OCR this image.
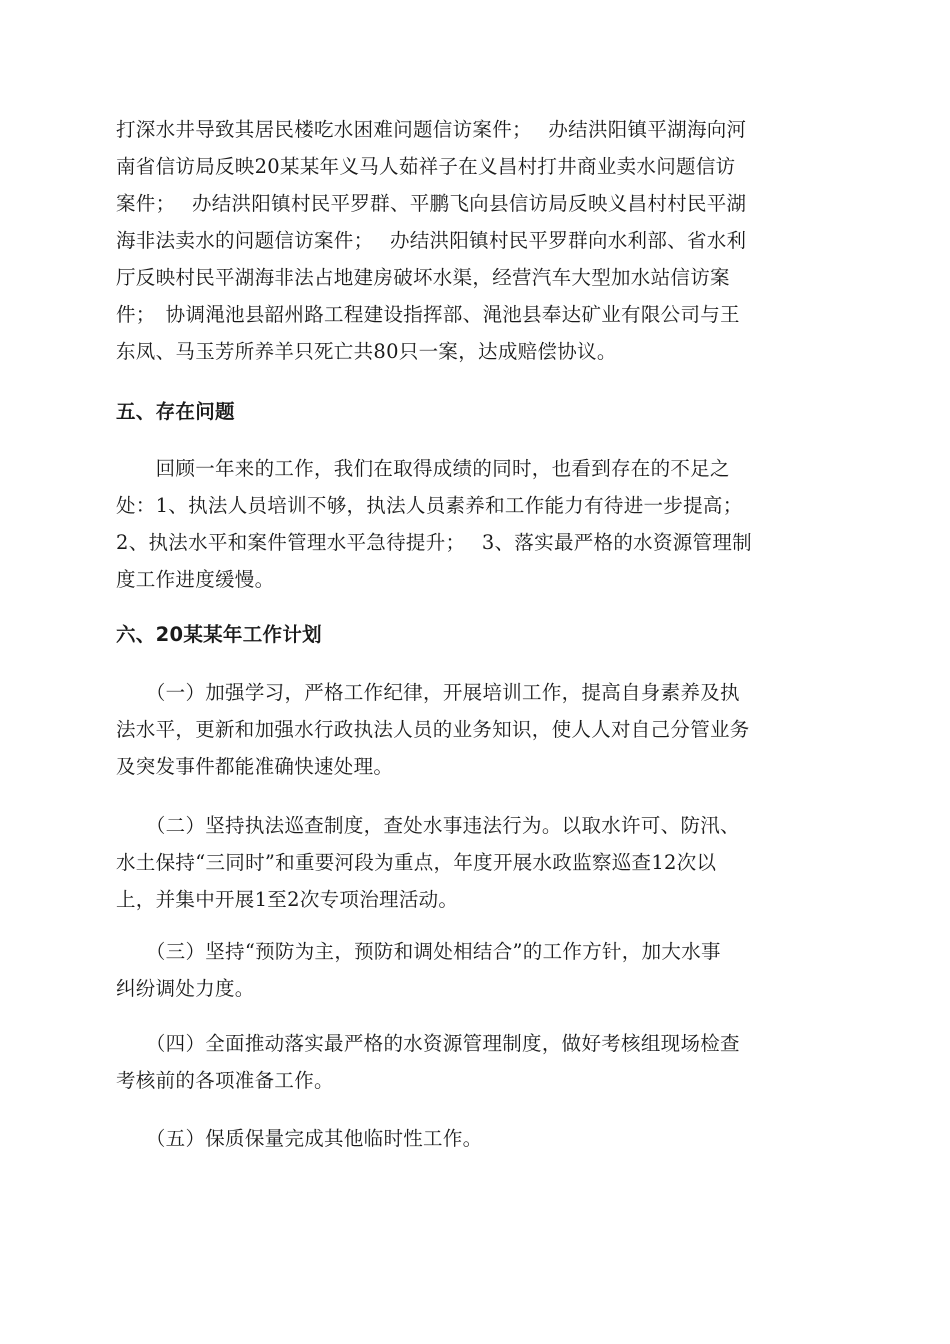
打深水井导致其居民楼吃水困难问题信访案件；　 办结洪阳镇平湖海向河
南省信访局反映20某某年义马人茹祥子在义昌村打井商业卖水问题信访
案件；　 办结洪阳镇村民平罗群、平鹏飞向县信访局反映义昌村村民平湖
海非法卖水的问题信访案件；　 办结洪阳镇村民平罗群向水利部、省水利
厅反映村民平湖海非法占地建房破坏水渠，经营汽车大型加水站信访案
件；　协调渑池县韶州路工程建设指挥部、渑池县奉达矿业有限公司与王
东凤、马玉芳所养羊只死亡共80只一案，达成赔偿协议。
五、存在问题
　　回顾一年来的工作，我们在取得成绩的同时，也看到存在的不足之
处：1、执法人员培训不够，执法人员素养和工作能力有待进一步提高；
2、执法水平和案件管理水平急待提升；　 3、落实最严格的水资源管理制
度工作进度缓慢。
六、20某某年工作计划
　　（一）加强学习，严格工作纪律，开展培训工作，提高自身素养及执
法水平，更新和加强水行政执法人员的业务知识，使人人对自己分管业务
及突发事件都能准确快速处理。
　　（二）坚持执法巡查制度，查处水事违法行为。以取水许可、防汛、
水土保持“三同时”和重要河段为重点，年度开展水政监察巡查12次以
上，并集中开展1至2次专项治理活动。
　　（三）坚持“预防为主，预防和调处相结合”的工作方针，加大水事
纠纷调处力度。
　　（四）全面推动落实最严格的水资源管理制度，做好考核组现场检查
考核前的各项准备工作。
　　（五）保质保量完成其他临时性工作。
